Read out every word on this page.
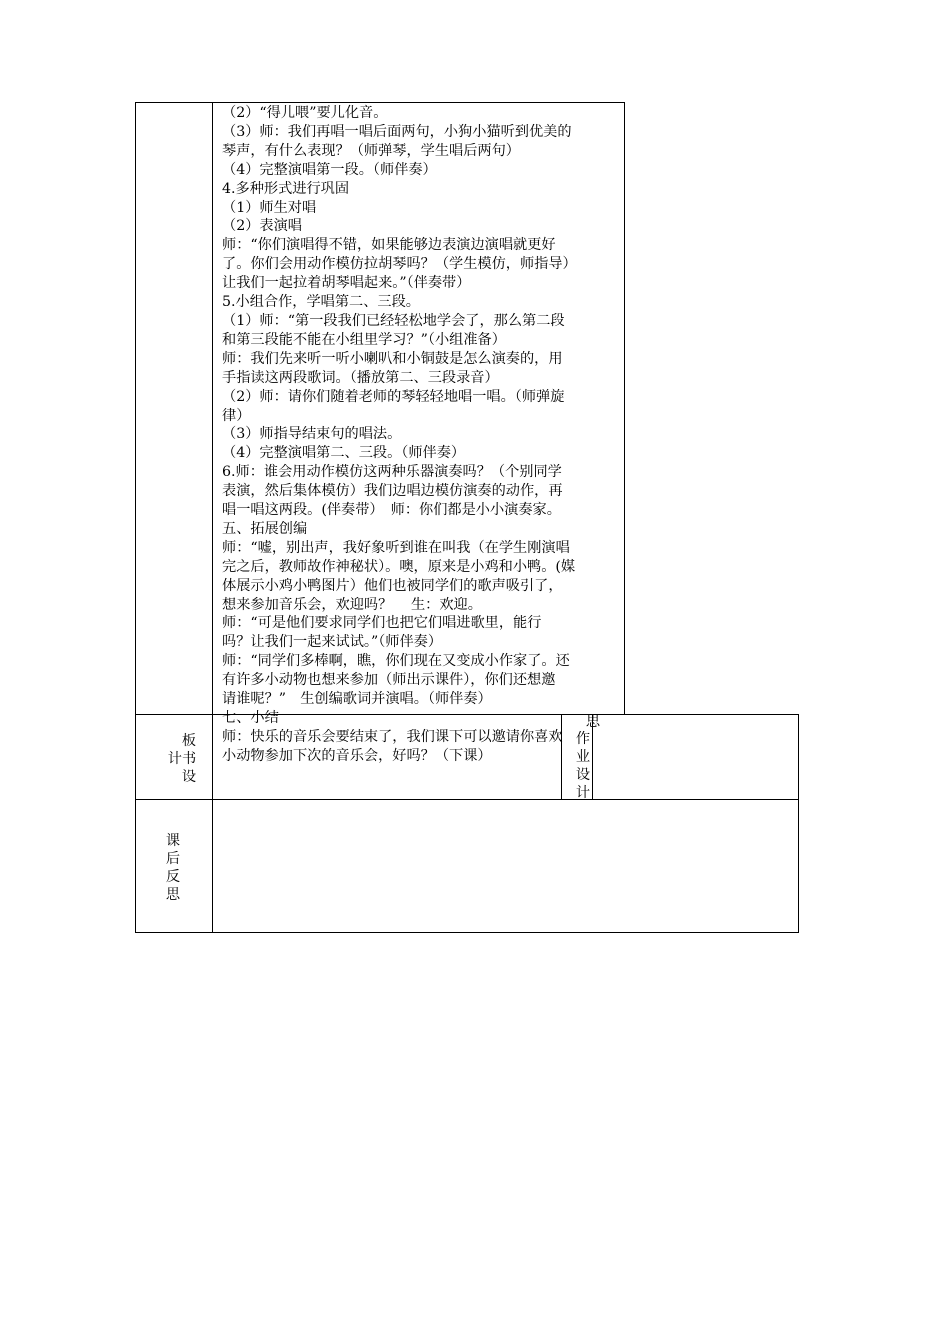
（2）“得儿喂”要儿化音。
（3）师：我们再唱一唱后面两句，小狗小猫听到优美的
琴声，有什么表现？（师弹琴，学生唱后两句）
（4）完整演唱第一段。（师伴奏）
4.多种形式进行巩固
（1）师生对唱
（2）表演唱
师：“你们演唱得不错，如果能够边表演边演唱就更好
了。你们会用动作模仿拉胡琴吗？（学生模仿，师指导）
让我们一起拉着胡琴唱起来。”（伴奏带）
5.小组合作，学唱第二、三段。
（1）师：“第一段我们已经轻松地学会了，那么第二段
和第三段能不能在小组里学习？”（小组准备）
师：我们先来听一听小喇叭和小铜鼓是怎么演奏的，用
手指读这两段歌词。（播放第二、三段录音）
（2）师：请你们随着老师的琴轻轻地唱一唱。（师弹旋
律）
（3）师指导结束句的唱法。
（4）完整演唱第二、三段。（师伴奏）
6.师：谁会用动作模仿这两种乐器演奏吗？（个别同学
表演，然后集体模仿）我们边唱边模仿演奏的动作，再
唱一唱这两段。(伴奏带）　师：你们都是小小演奏家。
五、拓展创编
师：“嘘，别出声，我好象听到谁在叫我（在学生刚演唱
完之后，教师故作神秘状）。噢，原来是小鸡和小鸭。(媒
体展示小鸡小鸭图片）他们也被同学们的歌声吸引了，
想来参加音乐会，欢迎吗？　 生：欢迎。
师：“可是他们要求同学们也把它们唱进歌里，能行
吗？让我们一起来试试。”（师伴奏）
师：“同学们多棒啊，瞧，你们现在又变成小作家了。还
有许多小动物也想来参加（师出示课件），你们还想邀
请谁呢？”　生创编歌词并演唱。（师伴奏）
七、小结
师：快乐的音乐会要结束了，我们课下可以邀请你喜欢
小动物参加下次的音乐会，好吗？（下课）
板
计书
设
思
作
业
设
计
课
后
反
思
